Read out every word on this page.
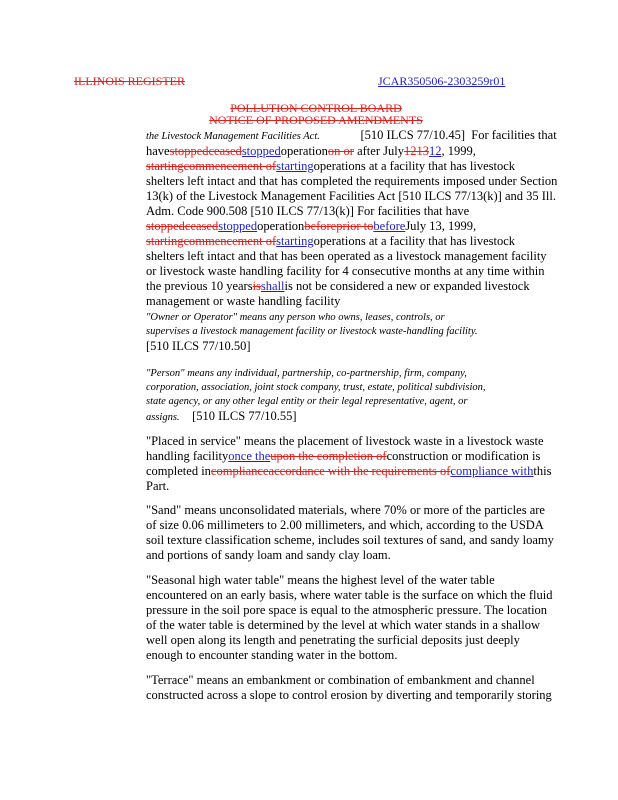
ILLINOIS REGISTER	JCAR350506-2303259r01
POLLUTION CONTROL BOARD
NOTICE OF PROPOSED AMENDMENTS
the Livestock Management Facilities Act.	[510 ILCS 77/10.45] For facilities that
havestoppedceasedstoppedoperationon or after July121312, 1999,
startingcommencement ofstartingoperations at a facility that has livestock
shelters left intact and that has completed the requirements imposed under Section
13(k) of the Livestock Management Facilities Act [510 ILCS 77/13(k)] and 35 Ill.
Adm. Code 900.508 [510 ILCS 77/13(k)] For facilities that have
stoppedceasedstoppedoperationbeforeprior tobeforeJuly 13, 1999,
startingcommencement ofstartingoperations at a facility that has livestock
shelters left intact and that has been operated as a livestock management facility
or livestock waste handling facility for 4 consecutive months at any time within
the previous 10 yearsisshallis not be considered a new or expanded livestock
management or waste handling facility
"Owner or Operator" means any person who owns, leases, controls, or
supervises a livestock management facility or livestock waste-handling facility.
[510 ILCS 77/10.50]
"Person" means any individual, partnership, co-partnership, firm, company,
corporation, association, joint stock company, trust, estate, political subdivision,
state agency, or any other legal entity or their legal representative, agent, or
assigns. [510 ILCS 77/10.55]
"Placed in service" means the placement of livestock waste in a livestock waste
handling facilityonce theupon the completion ofconstruction or modification is
completed incomplianceaccordance with the requirements ofcompliance withthis
Part.
"Sand" means unconsolidated materials, where 70% or more of the particles are
of size 0.06 millimeters to 2.00 millimeters, and which, according to the USDA
soil texture classification scheme, includes soil textures of sand, and sandy loamy
and portions of sandy loam and sandy clay loam.
"Seasonal high water table" means the highest level of the water table
encountered on an early basis, where water table is the surface on which the fluid
pressure in the soil pore space is equal to the atmospheric pressure. The location
of the water table is determined by the level at which water stands in a shallow
well open along its length and penetrating the surficial deposits just deeply
enough to encounter standing water in the bottom.
"Terrace" means an embankment or combination of embankment and channel
constructed across a slope to control erosion by diverting and temporarily storing
